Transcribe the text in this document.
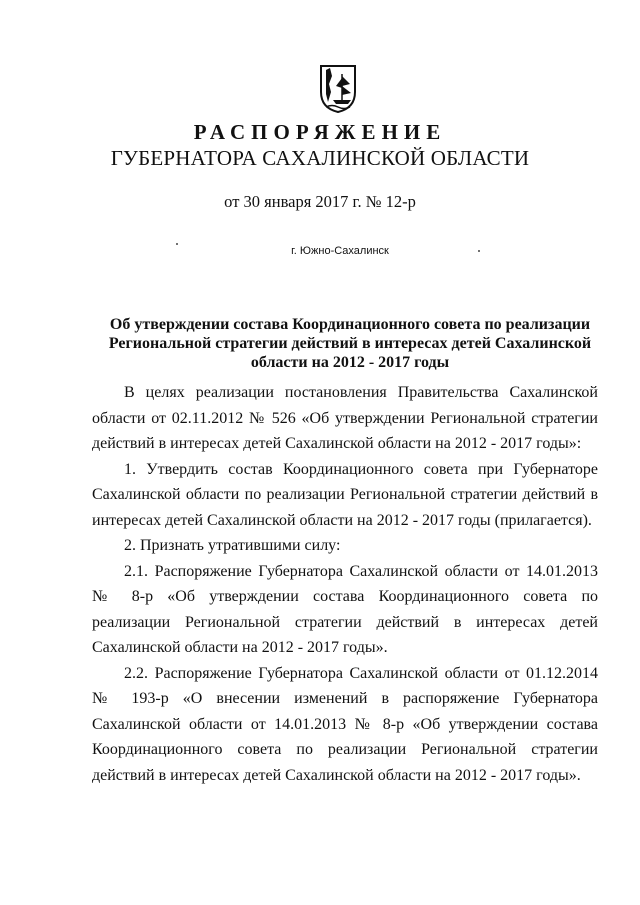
РАСПОРЯЖЕНИЕ
ГУБЕРНАТОРА САХАЛИНСКОЙ ОБЛАСТИ
от 30 января 2017 г. № 12-р
г. Южно-Сахалинск
Об утверждении состава Координационного совета по реализации Региональной стратегии действий в интересах детей Сахалинской области на 2012 - 2017 годы

В целях реализации постановления Правительства Сахалинской области от 02.11.2012 № 526 «Об утверждении Региональной стратегии действий в интересах детей Сахалинской области на 2012 - 2017 годы»:

1. Утвердить состав Координационного совета при Губернаторе Сахалинской области по реализации Региональной стратегии действий в интересах детей Сахалинской области на 2012 - 2017 годы (прилагается).

2. Признать утратившими силу:

2.1. Распоряжение Губернатора Сахалинской области от 14.01.2013 № 8-р «Об утверждении состава Координационного совета по реализации Региональной стратегии действий в интересах детей Сахалинской области на 2012 - 2017 годы».

2.2. Распоряжение Губернатора Сахалинской области от 01.12.2014 № 193-р «О внесении изменений в распоряжение Губернатора Сахалинской области от 14.01.2013 № 8-р «Об утверждении состава Координационного совета по реализации Региональной стратегии действий в интересах детей Сахалинской области на 2012 - 2017 годы».
